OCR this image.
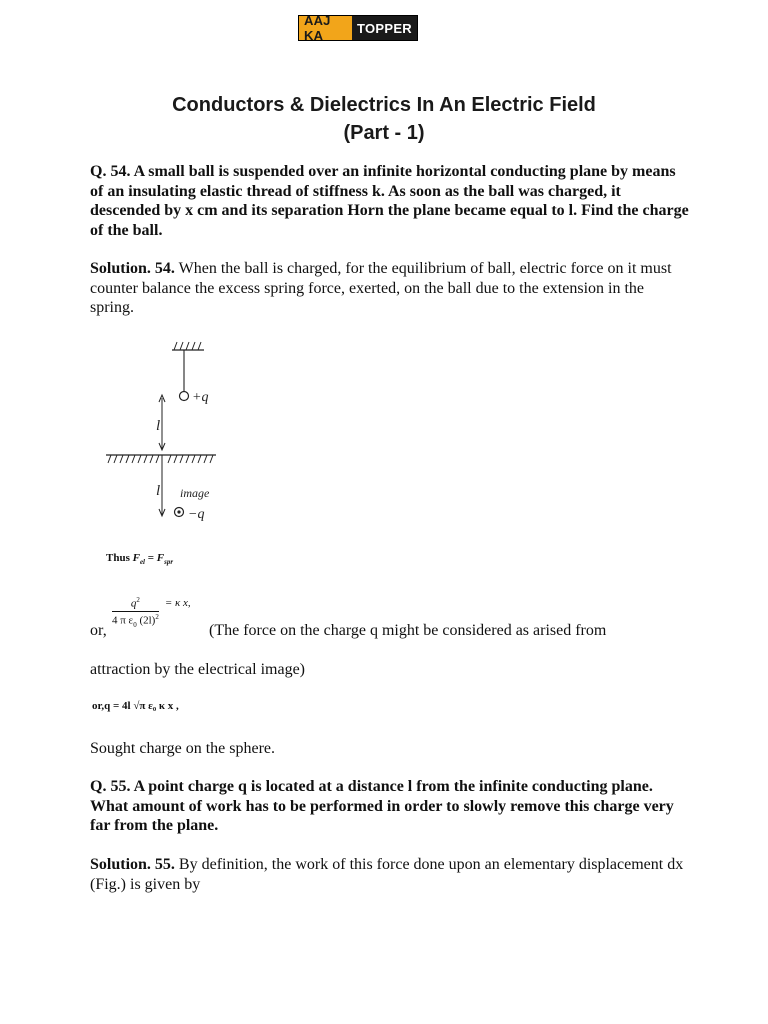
AAJ KA	TOPPER
Conductors & Dielectrics In An Electric Field
(Part - 1)

Q. 54. A small ball is suspended over an infinite horizontal conducting plane by means of an insulating elastic thread of stiffness k. As soon as the ball was charged, it descended by x cm and its separation Horn the plane became equal to l. Find the charge of the ball.

Solution. 54. When the ball is charged, for the equilibrium of ball, electric force on it must counter balance the excess spring force, exerted, on the ball due to the extension in the spring.

+q
l
l image
−q
Thus $F_{el} = F_{spr}$
or,
$\frac{q^2}{4 \pi \varepsilon_0 (2l)^2} = \kappa$ x,
(The force on the charge q might be considered as arised from
attraction by the electrical image)
or,q = 4l √π ε₀ κ x ,
Sought charge on the sphere.

Q. 55. A point charge q is located at a distance l from the infinite conducting plane. What amount of work has to be performed in order to slowly remove this charge very far from the plane.

Solution. 55. By definition, the work of this force done upon an elementary displacement dx (Fig.) is given by
